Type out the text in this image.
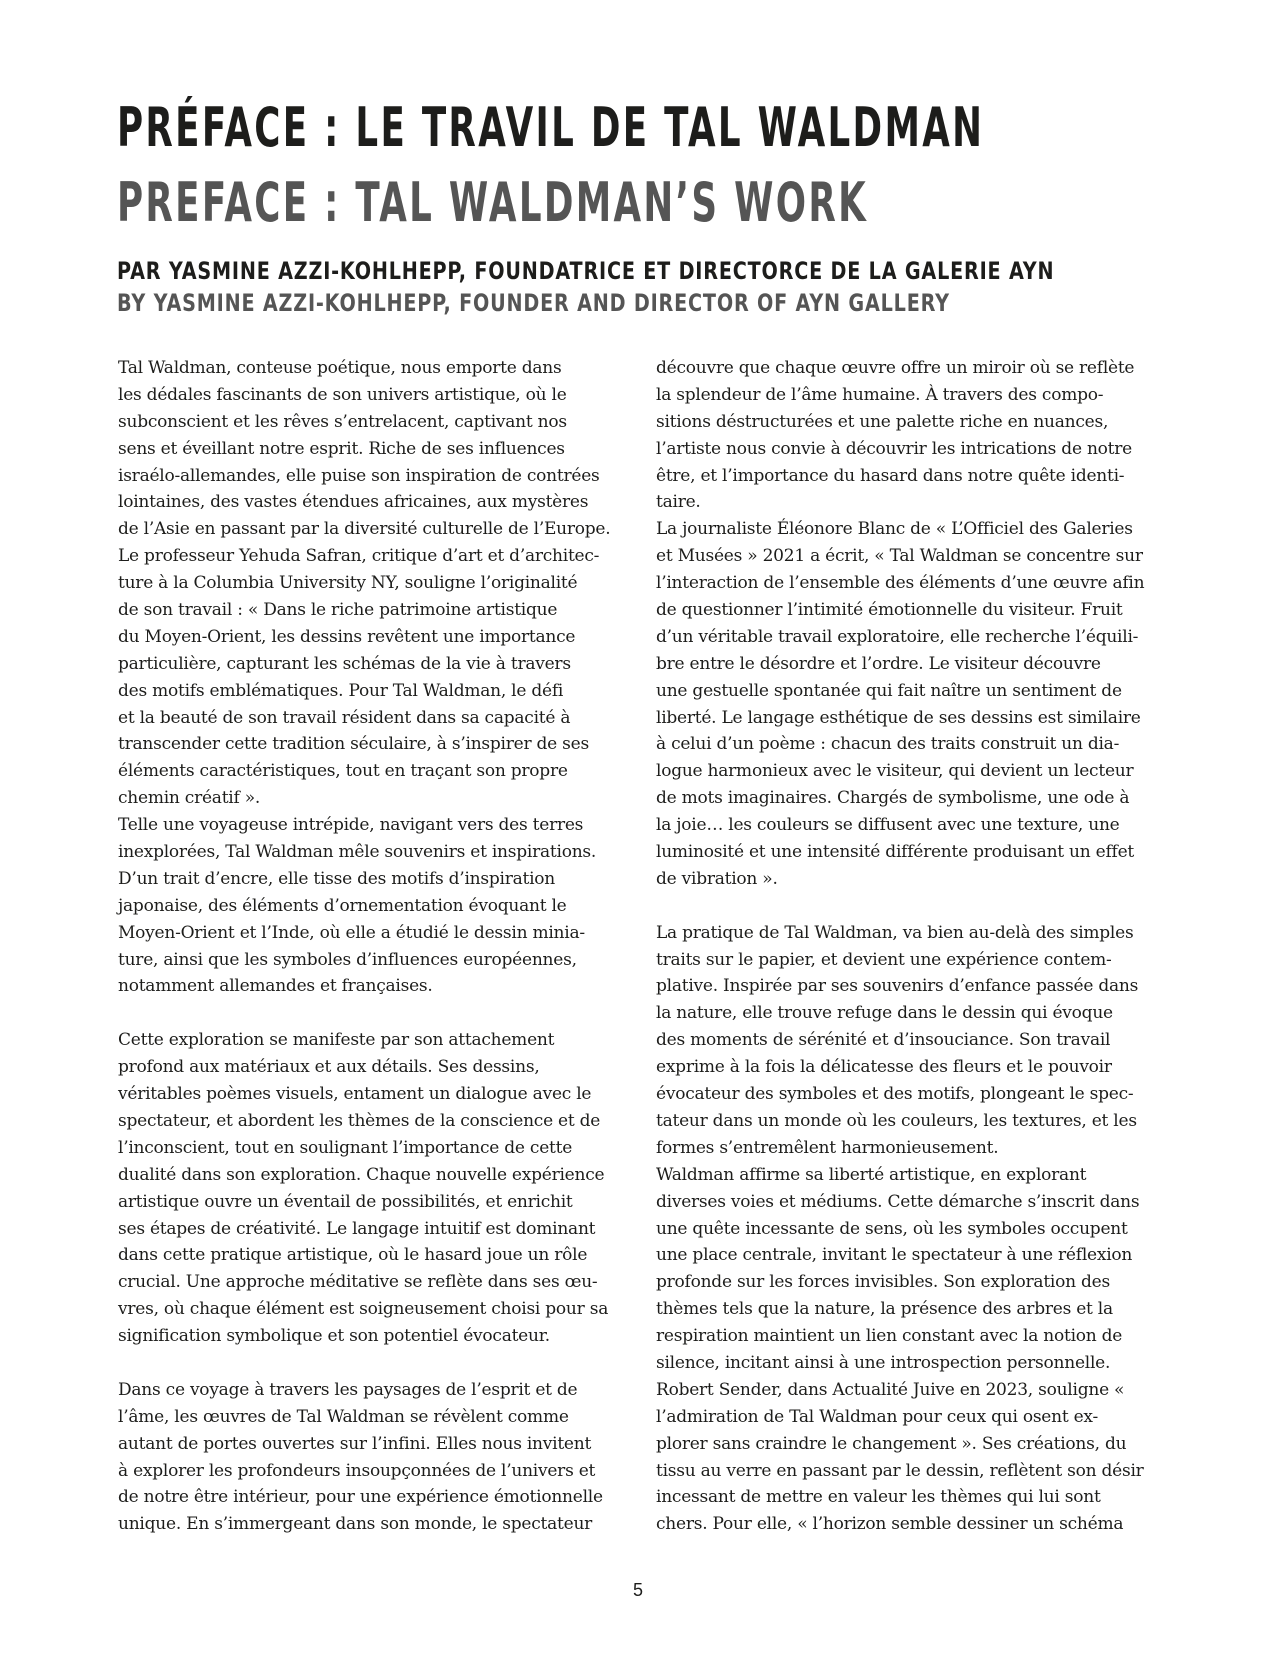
PRÉFACE : LE TRAVIL DE TAL WALDMAN
PREFACE : TAL WALDMAN’S WORK
PAR YASMINE AZZI-KOHLHEPP, FOUNDATRICE ET DIRECTORCE DE LA GALERIE AYN
BY YASMINE AZZI-KOHLHEPP, FOUNDER AND DIRECTOR OF AYN GALLERY
Tal Waldman, conteuse poétique, nous emporte dans
les dédales fascinants de son univers artistique, où le
subconscient et les rêves s’entrelacent, captivant nos
sens et éveillant notre esprit. Riche de ses influences
israélo-allemandes, elle puise son inspiration de contrées
lointaines, des vastes étendues africaines, aux mystères
de l’Asie en passant par la diversité culturelle de l’Europe.
Le professeur Yehuda Safran, critique d’art et d’architec-
ture à la Columbia University NY, souligne l’originalité
de son travail : « Dans le riche patrimoine artistique
du Moyen-Orient, les dessins revêtent une importance
particulière, capturant les schémas de la vie à travers
des motifs emblématiques. Pour Tal Waldman, le défi
et la beauté de son travail résident dans sa capacité à
transcender cette tradition séculaire, à s’inspirer de ses
éléments caractéristiques, tout en traçant son propre
chemin créatif ».
Telle une voyageuse intrépide, navigant vers des terres
inexplorées, Tal Waldman mêle souvenirs et inspirations.
D’un trait d’encre, elle tisse des motifs d’inspiration
japonaise, des éléments d’ornementation évoquant le
Moyen-Orient et l’Inde, où elle a étudié le dessin minia-
ture, ainsi que les symboles d’influences européennes,
notamment allemandes et françaises.
Cette exploration se manifeste par son attachement
profond aux matériaux et aux détails. Ses dessins,
véritables poèmes visuels, entament un dialogue avec le
spectateur, et abordent les thèmes de la conscience et de
l’inconscient, tout en soulignant l’importance de cette
dualité dans son exploration. Chaque nouvelle expérience
artistique ouvre un éventail de possibilités, et enrichit
ses étapes de créativité. Le langage intuitif est dominant
dans cette pratique artistique, où le hasard joue un rôle
crucial. Une approche méditative se reflète dans ses œu-
vres, où chaque élément est soigneusement choisi pour sa
signification symbolique et son potentiel évocateur.
Dans ce voyage à travers les paysages de l’esprit et de
l’âme, les œuvres de Tal Waldman se révèlent comme
autant de portes ouvertes sur l’infini. Elles nous invitent
à explorer les profondeurs insoupçonnées de l’univers et
de notre être intérieur, pour une expérience émotionnelle
unique. En s’immergeant dans son monde, le spectateur
découvre que chaque œuvre offre un miroir où se reflète
la splendeur de l’âme humaine. À travers des compo-
sitions déstructurées et une palette riche en nuances,
l’artiste nous convie à découvrir les intrications de notre
être, et l’importance du hasard dans notre quête identi-
taire.
La journaliste Éléonore Blanc de « L’Officiel des Galeries
et Musées » 2021 a écrit, « Tal Waldman se concentre sur
l’interaction de l’ensemble des éléments d’une œuvre afin
de questionner l’intimité émotionnelle du visiteur. Fruit
d’un véritable travail exploratoire, elle recherche l’équili-
bre entre le désordre et l’ordre. Le visiteur découvre
une gestuelle spontanée qui fait naître un sentiment de
liberté. Le langage esthétique de ses dessins est similaire
à celui d’un poème : chacun des traits construit un dia-
logue harmonieux avec le visiteur, qui devient un lecteur
de mots imaginaires. Chargés de symbolisme, une ode à
la joie… les couleurs se diffusent avec une texture, une
luminosité et une intensité différente produisant un effet
de vibration ».
La pratique de Tal Waldman, va bien au-delà des simples
traits sur le papier, et devient une expérience contem-
plative. Inspirée par ses souvenirs d’enfance passée dans
la nature, elle trouve refuge dans le dessin qui évoque
des moments de sérénité et d’insouciance. Son travail
exprime à la fois la délicatesse des fleurs et le pouvoir
évocateur des symboles et des motifs, plongeant le spec-
tateur dans un monde où les couleurs, les textures, et les
formes s’entremêlent harmonieusement.
Waldman affirme sa liberté artistique, en explorant
diverses voies et médiums. Cette démarche s’inscrit dans
une quête incessante de sens, où les symboles occupent
une place centrale, invitant le spectateur à une réflexion
profonde sur les forces invisibles. Son exploration des
thèmes tels que la nature, la présence des arbres et la
respiration maintient un lien constant avec la notion de
silence, incitant ainsi à une introspection personnelle.
Robert Sender, dans Actualité Juive en 2023, souligne «
l’admiration de Tal Waldman pour ceux qui osent ex-
plorer sans craindre le changement ». Ses créations, du
tissu au verre en passant par le dessin, reflètent son désir
incessant de mettre en valeur les thèmes qui lui sont
chers. Pour elle, « l’horizon semble dessiner un schéma
5
